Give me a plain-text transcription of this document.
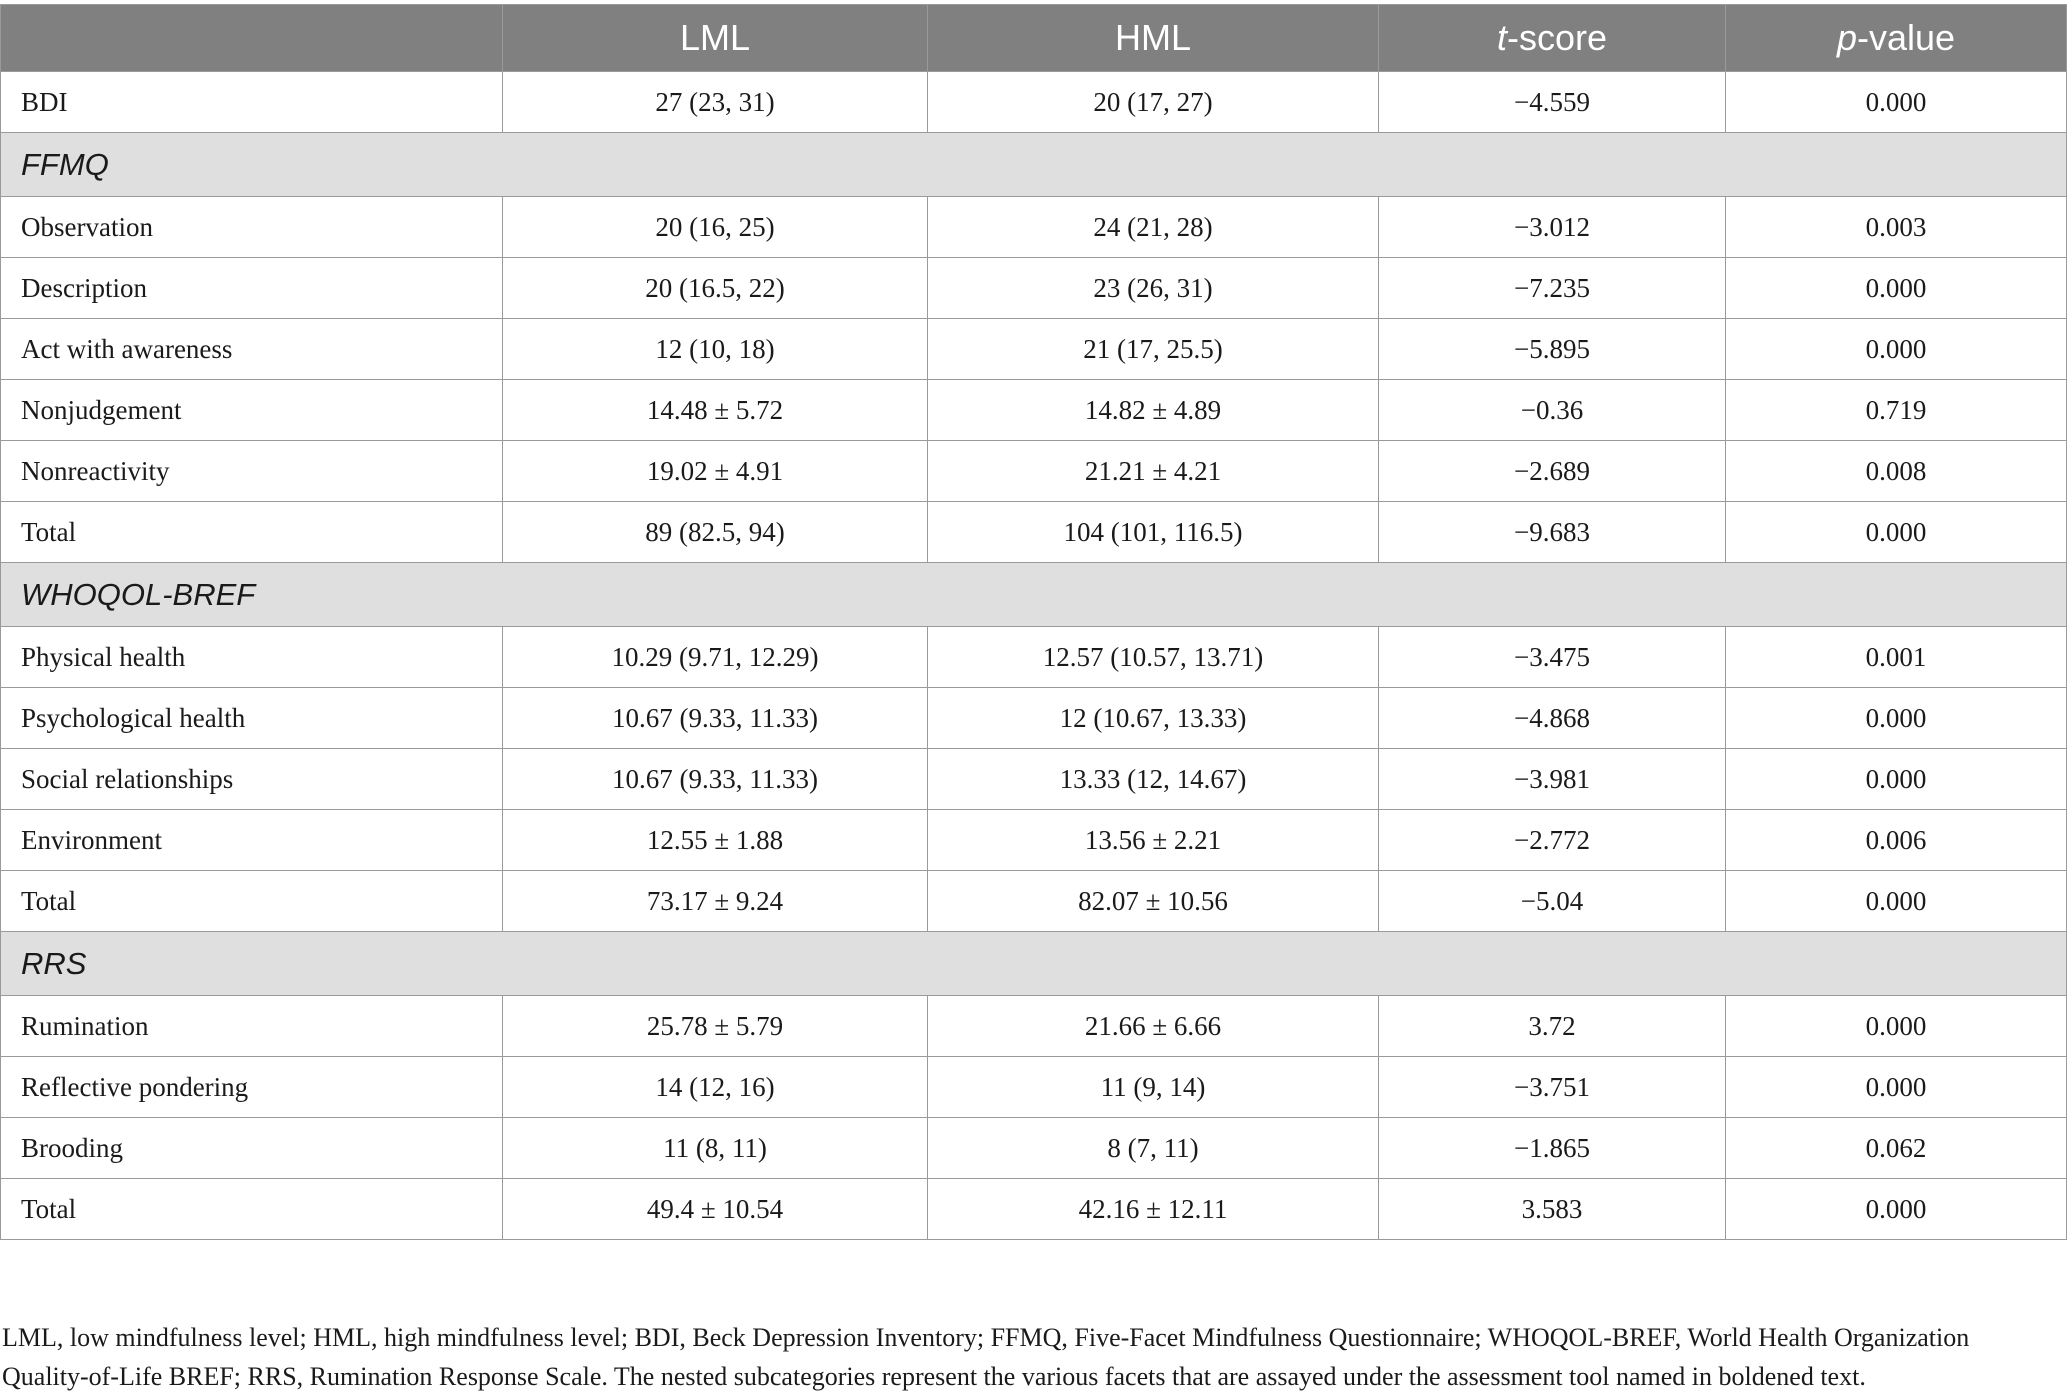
	LML	HML	t-score	p-value
BDI	27 (23, 31)	20 (17, 27)	−4.559	0.000
FFMQ				
Observation	20 (16, 25)	24 (21, 28)	−3.012	0.003
Description	20 (16.5, 22)	23 (26, 31)	−7.235	0.000
Act with awareness	12 (10, 18)	21 (17, 25.5)	−5.895	0.000
Nonjudgement	14.48 ± 5.72	14.82 ± 4.89	−0.36	0.719
Nonreactivity	19.02 ± 4.91	21.21 ± 4.21	−2.689	0.008
Total	89 (82.5, 94)	104 (101, 116.5)	−9.683	0.000
WHOQOL-BREF				
Physical health	10.29 (9.71, 12.29)	12.57 (10.57, 13.71)	−3.475	0.001
Psychological health	10.67 (9.33, 11.33)	12 (10.67, 13.33)	−4.868	0.000
Social relationships	10.67 (9.33, 11.33)	13.33 (12, 14.67)	−3.981	0.000
Environment	12.55 ± 1.88	13.56 ± 2.21	−2.772	0.006
Total	73.17 ± 9.24	82.07 ± 10.56	−5.04	0.000
RRS				
Rumination	25.78 ± 5.79	21.66 ± 6.66	3.72	0.000
Reflective pondering	14 (12, 16)	11 (9, 14)	−3.751	0.000
Brooding	11 (8, 11)	8 (7, 11)	−1.865	0.062
Total	49.4 ± 10.54	42.16 ± 12.11	3.583	0.000
LML, low mindfulness level; HML, high mindfulness level; BDI, Beck Depression Inventory; FFMQ, Five-Facet Mindfulness Questionnaire; WHOQOL-BREF, World Health Organization
Quality-of-Life BREF; RRS, Rumination Response Scale. The nested subcategories represent the various facets that are assayed under the assessment tool named in boldened text.
